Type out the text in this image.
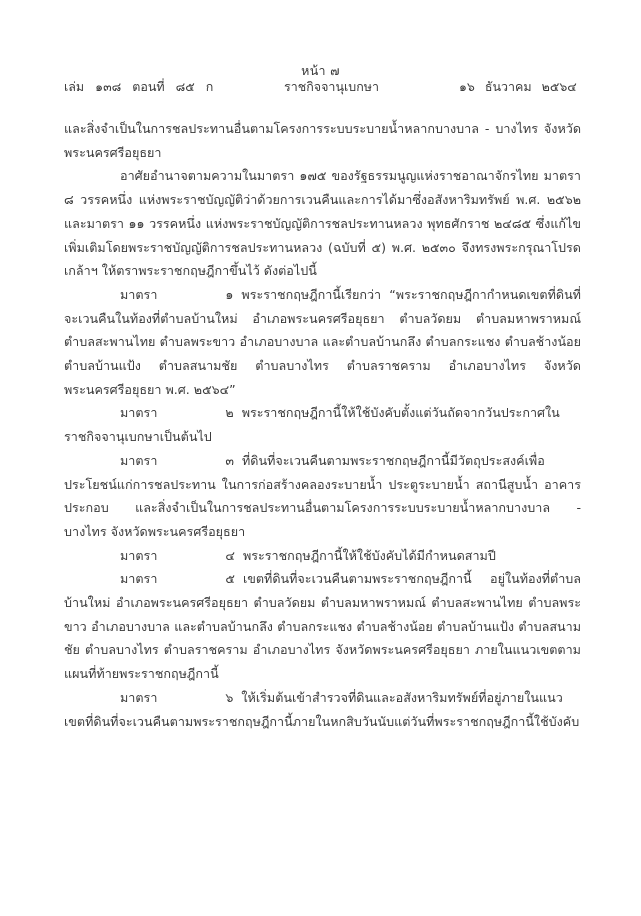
หน้า ๗
เล่ม ๑๓๘ ตอนที่ ๘๕ ก	ราชกิจจานุเบกษา	๑๖ ธันวาคม ๒๕๖๔

และสิ่งจำเป็นในการชลประทานอื่นตามโครงการระบบระบายน้ำหลากบางบาล - บางไทร จังหวัดพระนครศรีอยุธยา

อาศัยอำนาจตามความในมาตรา ๑๗๕ ของรัฐธรรมนูญแห่งราชอาณาจักรไทย มาตรา ๘ วรรคหนึ่ง แห่งพระราชบัญญัติว่าด้วยการเวนคืนและการได้มาซึ่งอสังหาริมทรัพย์ พ.ศ. ๒๕๖๒ และมาตรา ๑๑ วรรคหนึ่ง แห่งพระราชบัญญัติการชลประทานหลวง พุทธศักราช ๒๔๘๕ ซึ่งแก้ไขเพิ่มเติมโดยพระราชบัญญัติการชลประทานหลวง (ฉบับที่ ๕) พ.ศ. ๒๕๓๐ จึงทรงพระกรุณาโปรดเกล้าฯ ให้ตราพระราชกฤษฎีกาขึ้นไว้ ดังต่อไปนี้

มาตรา	๑ พระราชกฤษฎีกานี้เรียกว่า “พระราชกฤษฎีกากำหนดเขตที่ดินที่จะเวนคืนในท้องที่ตำบลบ้านใหม่ อำเภอพระนครศรีอยุธยา ตำบลวัดยม ตำบลมหาพราหมณ์ ตำบลสะพานไทย ตำบลพระขาว อำเภอบางบาล และตำบลบ้านกลึง ตำบลกระแชง ตำบลช้างน้อย ตำบลบ้านแป้ง ตำบลสนามชัย ตำบลบางไทร ตำบลราชคราม อำเภอบางไทร จังหวัดพระนครศรีอยุธยา พ.ศ. ๒๕๖๔”

มาตรา	๒ พระราชกฤษฎีกานี้ให้ใช้บังคับตั้งแต่วันถัดจากวันประกาศในราชกิจจานุเบกษาเป็นต้นไป

มาตรา	๓ ที่ดินที่จะเวนคืนตามพระราชกฤษฎีกานี้มีวัตถุประสงค์เพื่อประโยชน์แก่การชลประทาน ในการก่อสร้างคลองระบายน้ำ ประตูระบายน้ำ สถานีสูบน้ำ อาคารประกอบ และสิ่งจำเป็นในการชลประทานอื่นตามโครงการระบบระบายน้ำหลากบางบาล - บางไทร จังหวัดพระนครศรีอยุธยา

มาตรา	๔ พระราชกฤษฎีกานี้ให้ใช้บังคับได้มีกำหนดสามปี

มาตรา	๕ เขตที่ดินที่จะเวนคืนตามพระราชกฤษฎีกานี้ อยู่ในท้องที่ตำบลบ้านใหม่ อำเภอพระนครศรีอยุธยา ตำบลวัดยม ตำบลมหาพราหมณ์ ตำบลสะพานไทย ตำบลพระขาว อำเภอบางบาล และตำบลบ้านกลึง ตำบลกระแชง ตำบลช้างน้อย ตำบลบ้านแป้ง ตำบลสนามชัย ตำบลบางไทร ตำบลราชคราม อำเภอบางไทร จังหวัดพระนครศรีอยุธยา ภายในแนวเขตตามแผนที่ท้ายพระราชกฤษฎีกานี้

มาตรา	๖ ให้เริ่มต้นเข้าสำรวจที่ดินและอสังหาริมทรัพย์ที่อยู่ภายในแนวเขตที่ดินที่จะเวนคืนตามพระราชกฤษฎีกานี้ภายในหกสิบวันนับแต่วันที่พระราชกฤษฎีกานี้ใช้บังคับ
